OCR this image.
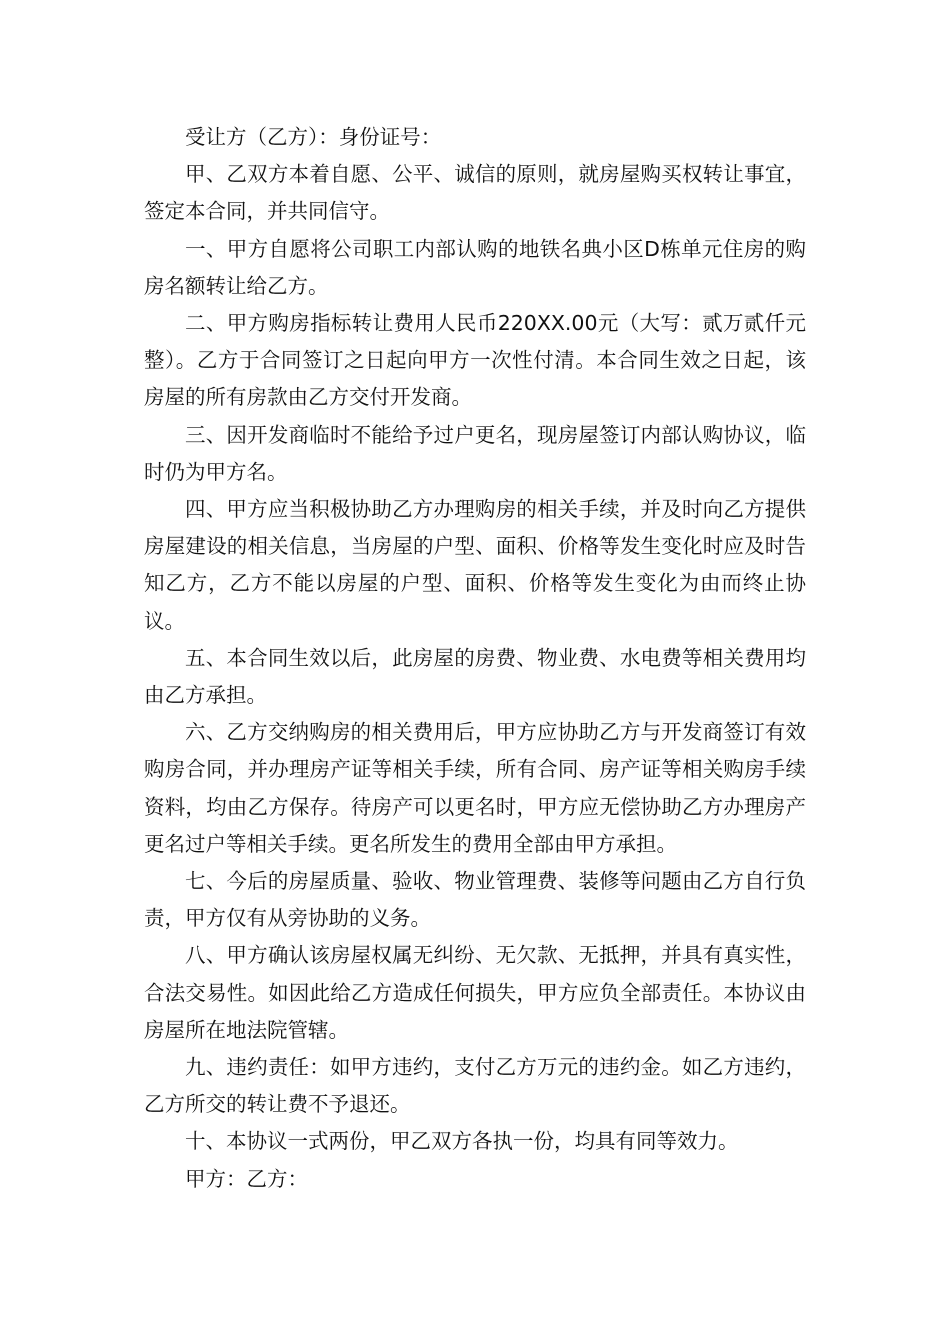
受让方（乙方）：身份证号：

甲、乙双方本着自愿、公平、诚信的原则，就房屋购买权转让事宜，签定本合同，并共同信守。

一、甲方自愿将公司职工内部认购的地铁名典小区D栋单元住房的购房名额转让给乙方。

二、甲方购房指标转让费用人民币220XX.00元（大写：贰万贰仟元整）。乙方于合同签订之日起向甲方一次性付清。本合同生效之日起，该房屋的所有房款由乙方交付开发商。

三、因开发商临时不能给予过户更名，现房屋签订内部认购协议，临时仍为甲方名。

四、甲方应当积极协助乙方办理购房的相关手续，并及时向乙方提供房屋建设的相关信息，当房屋的户型、面积、价格等发生变化时应及时告知乙方，乙方不能以房屋的户型、面积、价格等发生变化为由而终止协议。

五、本合同生效以后，此房屋的房费、物业费、水电费等相关费用均由乙方承担。

六、乙方交纳购房的相关费用后，甲方应协助乙方与开发商签订有效购房合同，并办理房产证等相关手续，所有合同、房产证等相关购房手续资料，均由乙方保存。待房产可以更名时，甲方应无偿协助乙方办理房产更名过户等相关手续。更名所发生的费用全部由甲方承担。

七、今后的房屋质量、验收、物业管理费、装修等问题由乙方自行负责，甲方仅有从旁协助的义务。

八、甲方确认该房屋权属无纠纷、无欠款、无抵押，并具有真实性，合法交易性。如因此给乙方造成任何损失，甲方应负全部责任。本协议由房屋所在地法院管辖。

九、违约责任：如甲方违约，支付乙方万元的违约金。如乙方违约，乙方所交的转让费不予退还。

十、本协议一式两份，甲乙双方各执一份，均具有同等效力。

甲方：乙方：
